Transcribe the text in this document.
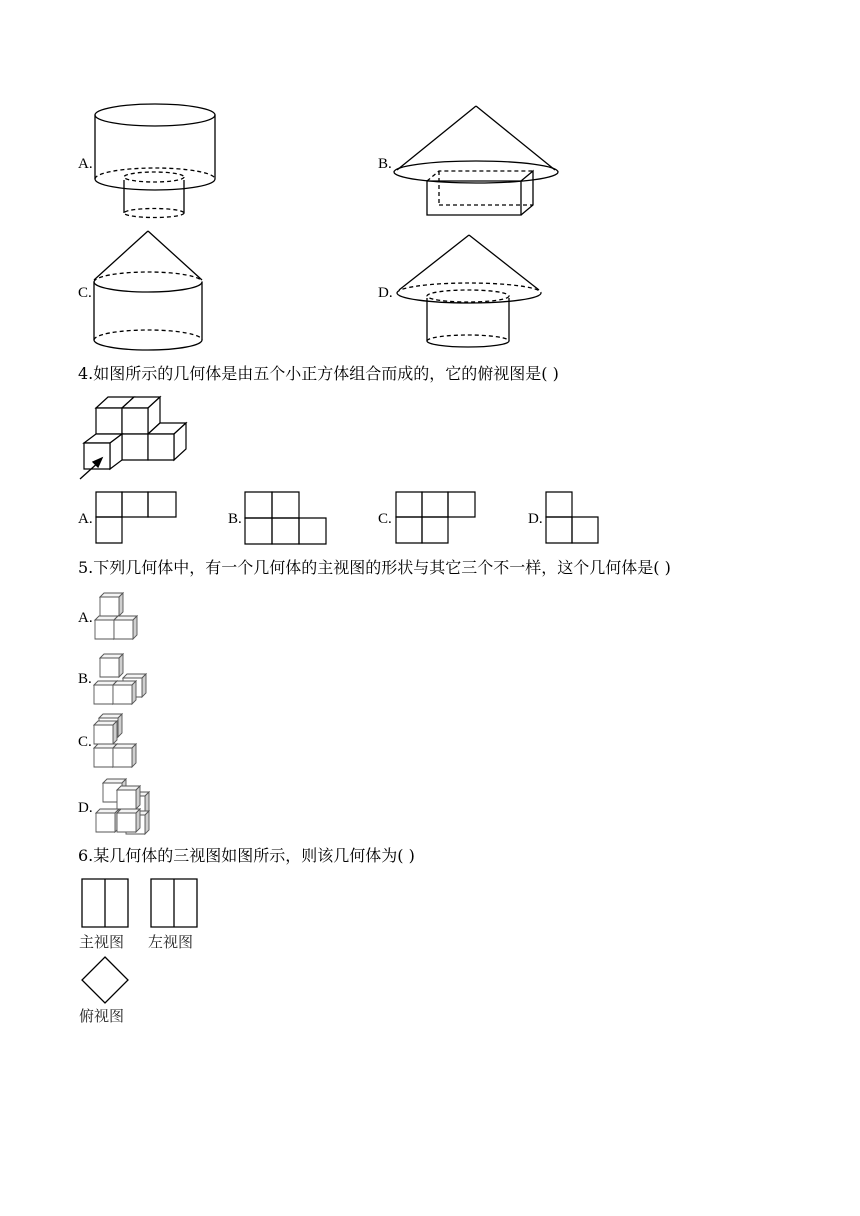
A.	B.
C.	D.
4.如图所示的几何体是由五个小正方体组合而成的，它的俯视图是( )
A.	B.	C.	D.
5.下列几何体中，有一个几何体的主视图的形状与其它三个不一样，这个几何体是( )
A.
B.
C.
D.
6.某几何体的三视图如图所示，则该几何体为( )
主视图 左视图
俯视图
